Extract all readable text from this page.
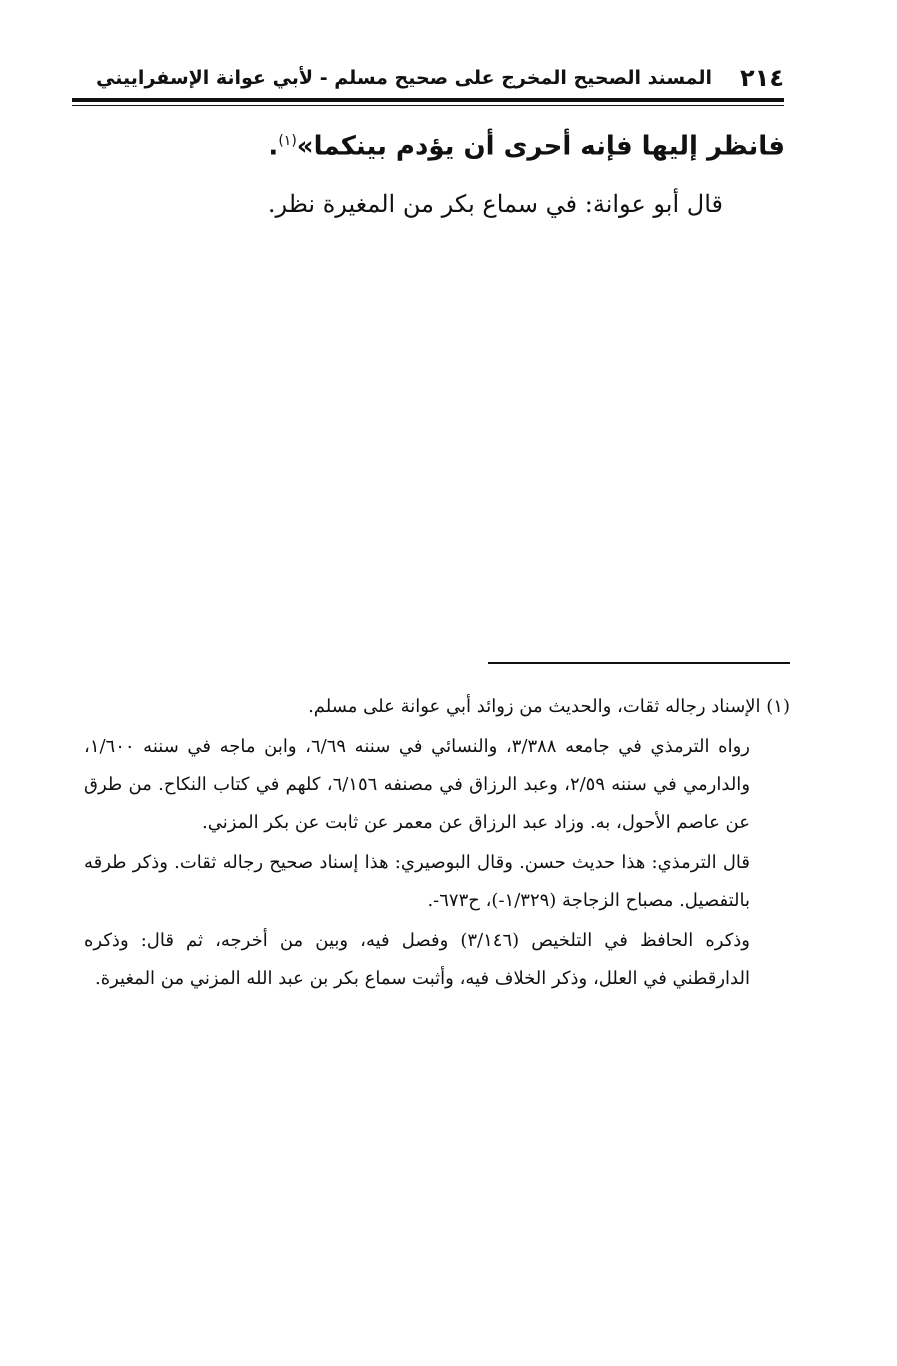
٢١٤
المسند الصحيح المخرج على صحيح مسلم - لأبي عوانة الإسفراييني

فانظر إليها فإنه أحرى أن يؤدم بينكما»$^{(١)}$.

قال أبو عوانة: في سماع بكر من المغيرة نظر.

(١) الإسناد رجاله ثقات، والحديث من زوائد أبي عوانة على مسلم.

رواه الترمذي في جامعه ٣/٣٨٨، والنسائي في سننه ٦/٦٩، وابن ماجه في سننه ١/٦٠٠، والدارمي في سننه ٢/٥٩، وعبد الرزاق في مصنفه ٦/١٥٦، كلهم في كتاب النكاح. من طرق عن عاصم الأحول، به. وزاد عبد الرزاق عن معمر عن ثابت عن بكر المزني.

قال الترمذي: هذا حديث حسن. وقال البوصيري: هذا إسناد صحيح رجاله ثقات. وذكر طرقه بالتفصيل. مصباح الزجاجة (١/٣٢٩-)، ح٦٧٣-.

وذكره الحافظ في التلخيص (٣/١٤٦) وفصل فيه، وبين من أخرجه، ثم قال: وذكره الدارقطني في العلل، وذكر الخلاف فيه، وأثبت سماع بكر بن عبد الله المزني من المغيرة.
